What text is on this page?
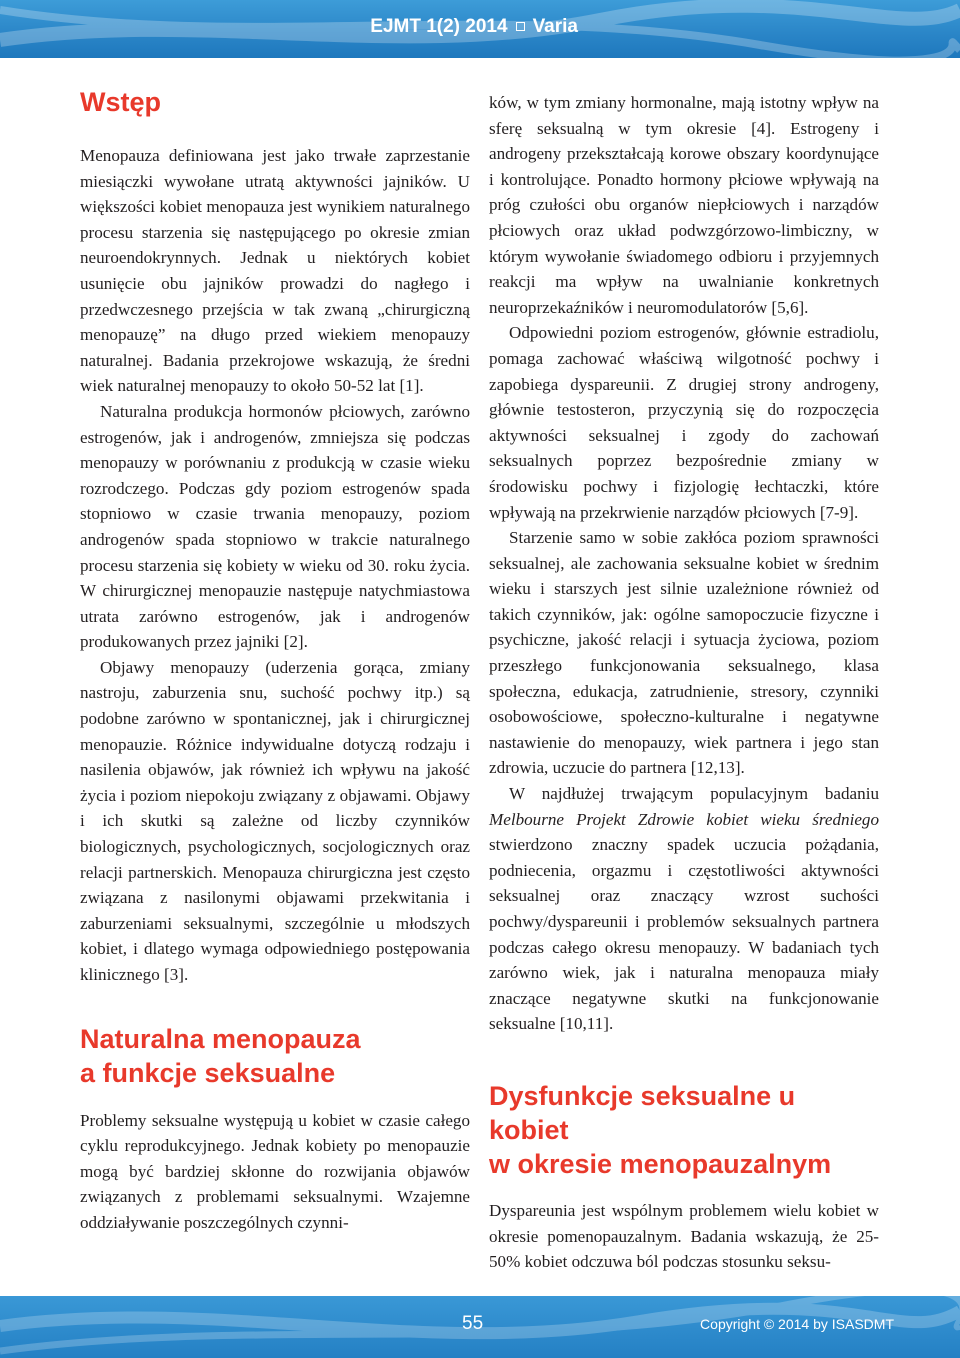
EJMT 1(2) 2014 Varia
Wstęp

Menopauza definiowana jest jako trwałe zaprzestanie miesiączki wywołane utratą aktywności jajników. U większości kobiet menopauza jest wynikiem naturalnego procesu starzenia się następującego po okresie zmian neuroendokrynnych. Jednak u niektórych kobiet usunięcie obu jajników prowadzi do nagłego i przedwczesnego przejścia w tak zwaną „chirurgiczną menopauzę” na długo przed wiekiem menopauzy naturalnej. Badania przekrojowe wskazują, że średni wiek naturalnej menopauzy to około 50-52 lat [1].

Naturalna produkcja hormonów płciowych, zarówno estrogenów, jak i androgenów, zmniejsza się podczas menopauzy w porównaniu z produkcją w czasie wieku rozrodczego. Podczas gdy poziom estrogenów spada stopniowo w czasie trwania menopauzy, poziom androgenów spada stopniowo w trakcie naturalnego procesu starzenia się kobiety w wieku od 30. roku życia. W chirurgicznej menopauzie następuje natychmiastowa utrata zarówno estrogenów, jak i androgenów produkowanych przez jajniki [2].

Objawy menopauzy (uderzenia gorąca, zmiany nastroju, zaburzenia snu, suchość pochwy itp.) są podobne zarówno w spontanicznej, jak i chirurgicznej menopauzie. Różnice indywidualne dotyczą rodzaju i nasilenia objawów, jak również ich wpływu na jakość życia i poziom niepokoju związany z objawami. Objawy i ich skutki są zależne od liczby czynników biologicznych, psychologicznych, socjologicznych oraz relacji partnerskich. Menopauza chirurgiczna jest często związana z nasilonymi objawami przekwitania i zaburzeniami seksualnymi, szczególnie u młodszych kobiet, i dlatego wymaga odpowiedniego postępowania klinicznego [3].

Naturalna menopauza
a funkcje seksualne

Problemy seksualne występują u kobiet w czasie całego cyklu reprodukcyjnego. Jednak kobiety po menopauzie mogą być bardziej skłonne do rozwijania objawów związanych z problemami seksualnymi. Wzajemne oddziaływanie poszczególnych czynni-

ków, w tym zmiany hormonalne, mają istotny wpływ na sferę seksualną w tym okresie [4]. Estrogeny i androgeny przekształcają korowe obszary koordynujące i kontrolujące. Ponadto hormony płciowe wpływają na próg czułości obu organów niepłciowych i narządów płciowych oraz układ podwzgórzowo-limbiczny, w którym wywołanie świadomego odbioru i przyjemnych reakcji ma wpływ na uwalnianie konkretnych neuroprzekaźników i neuromodulatorów [5,6].

Odpowiedni poziom estrogenów, głównie estradiolu, pomaga zachować właściwą wilgotność pochwy i zapobiega dyspareunii. Z drugiej strony androgeny, głównie testosteron, przyczynią się do rozpoczęcia aktywności seksualnej i zgody do zachowań seksualnych poprzez bezpośrednie zmiany w środowisku pochwy i fizjologię łechtaczki, które wpływają na przekrwienie narządów płciowych [7-9].

Starzenie samo w sobie zakłóca poziom sprawności seksualnej, ale zachowania seksualne kobiet w średnim wieku i starszych jest silnie uzależnione również od takich czynników, jak: ogólne samopoczucie fizyczne i psychiczne, jakość relacji i sytuacja życiowa, poziom przeszłego funkcjonowania seksualnego, klasa społeczna, edukacja, zatrudnienie, stresory, czynniki osobowościowe, społeczno-kulturalne i negatywne nastawienie do menopauzy, wiek partnera i jego stan zdrowia, uczucie do partnera [12,13].

W najdłużej trwającym populacyjnym badaniu Melbourne Projekt Zdrowie kobiet wieku średniego stwierdzono znaczny spadek uczucia pożądania, podniecenia, orgazmu i częstotliwości aktywności seksualnej oraz znaczący wzrost suchości pochwy/dyspareunii i problemów seksualnych partnera podczas całego okresu menopauzy. W badaniach tych zarówno wiek, jak i naturalna menopauza miały znaczące negatywne skutki na funkcjonowanie seksualne [10,11].

Dysfunkcje seksualne u kobiet
w okresie menopauzalnym

Dyspareunia jest wspólnym problemem wielu kobiet w okresie pomenopauzalnym. Badania wskazują, że 25-50% kobiet odczuwa ból podczas stosunku seksu-

55	Copyright © 2014 by ISASDMT
